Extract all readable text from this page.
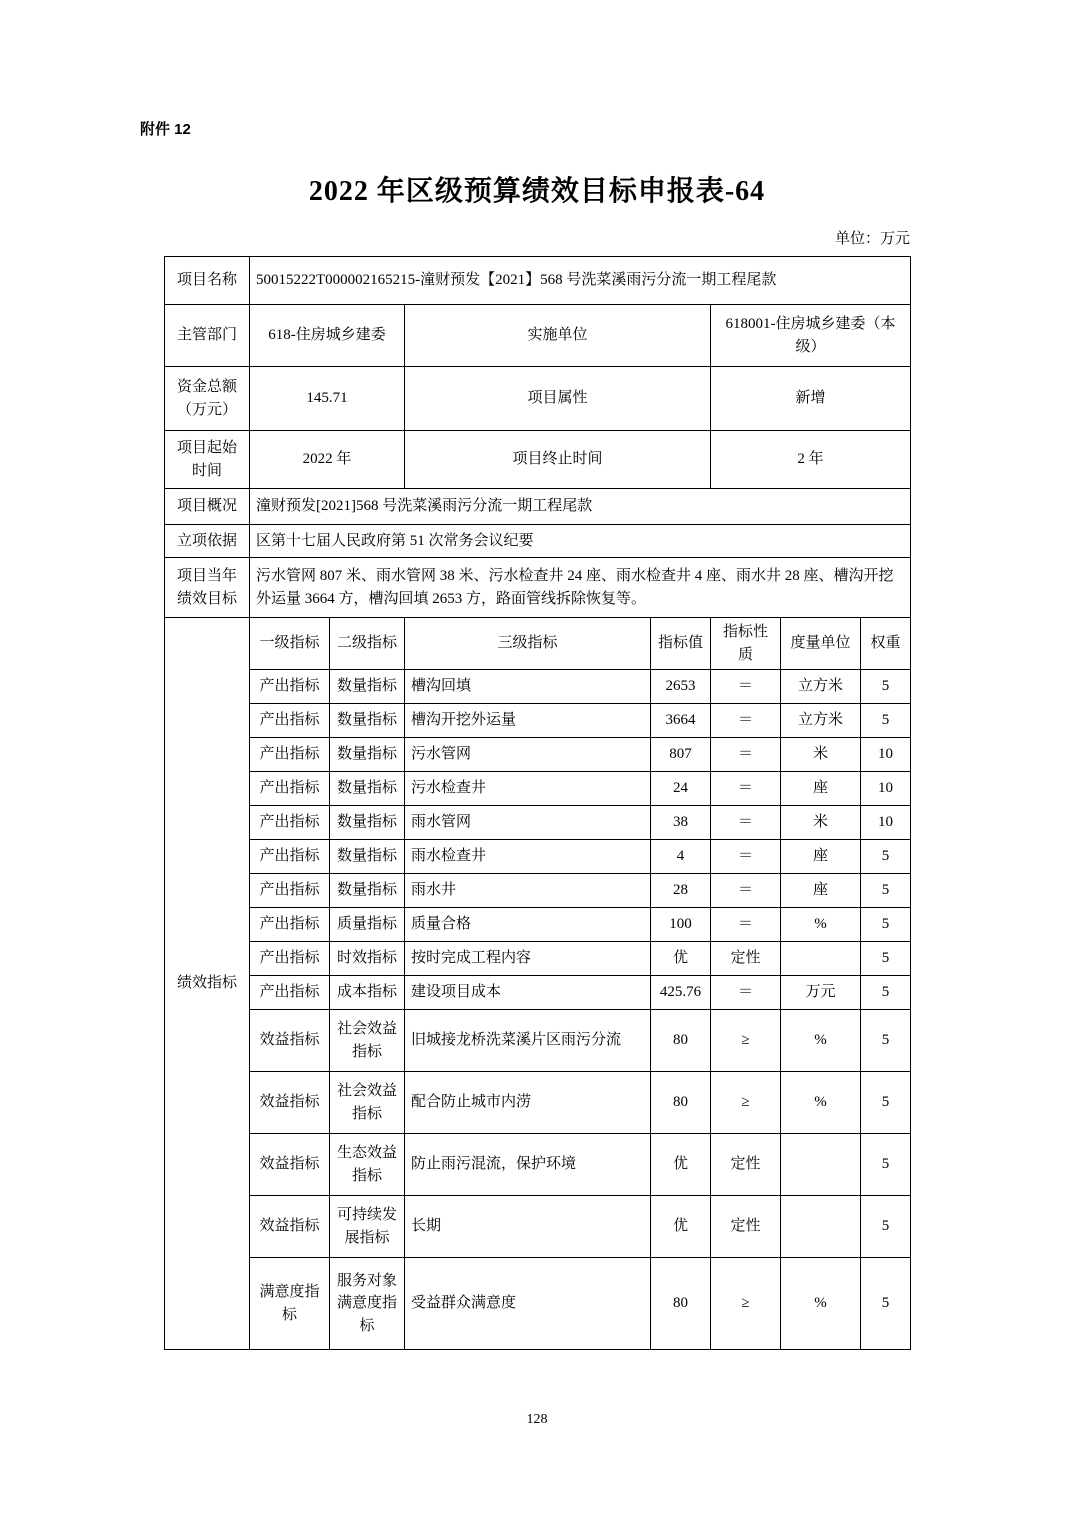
附件 12
2022 年区级预算绩效目标申报表-64
单位：万元
项目名称	50015222T000002165215-潼财预发【2021】568 号洗菜溪雨污分流一期工程尾款						
主管部门	618-住房城乡建委		实施单位		618001-住房城乡建委（本级）		
资金总额（万元）	145.71		项目属性		新增		
项目起始时间	2022 年		项目终止时间		2 年		
项目概况	潼财预发[2021]568 号洗菜溪雨污分流一期工程尾款						
立项依据	区第十七届人民政府第 51 次常务会议纪要						
项目当年绩效目标	污水管网 807 米、雨水管网 38 米、污水检查井 24 座、雨水检查井 4 座、雨水井 28 座、槽沟开挖外运量 3664 方，槽沟回填 2653 方，路面管线拆除恢复等。						
绩效指标	一级指标	二级指标	三级指标	指标值	指标性质	度量单位	权重
	产出指标	数量指标	槽沟回填	2653	＝	立方米	5
	产出指标	数量指标	槽沟开挖外运量	3664	＝	立方米	5
	产出指标	数量指标	污水管网	807	＝	米	10
	产出指标	数量指标	污水检查井	24	＝	座	10
	产出指标	数量指标	雨水管网	38	＝	米	10
	产出指标	数量指标	雨水检查井	4	＝	座	5
	产出指标	数量指标	雨水井	28	＝	座	5
	产出指标	质量指标	质量合格	100	＝	%	5
	产出指标	时效指标	按时完成工程内容	优	定性		5
	产出指标	成本指标	建设项目成本	425.76	＝	万元	5
	效益指标	社会效益指标	旧城接龙桥洗菜溪片区雨污分流	80	≥	%	5
	效益指标	社会效益指标	配合防止城市内涝	80	≥	%	5
	效益指标	生态效益指标	防止雨污混流，保护环境	优	定性		5
	效益指标	可持续发展指标	长期	优	定性		5
	满意度指标	服务对象满意度指标	受益群众满意度	80	≥	%	5
128
